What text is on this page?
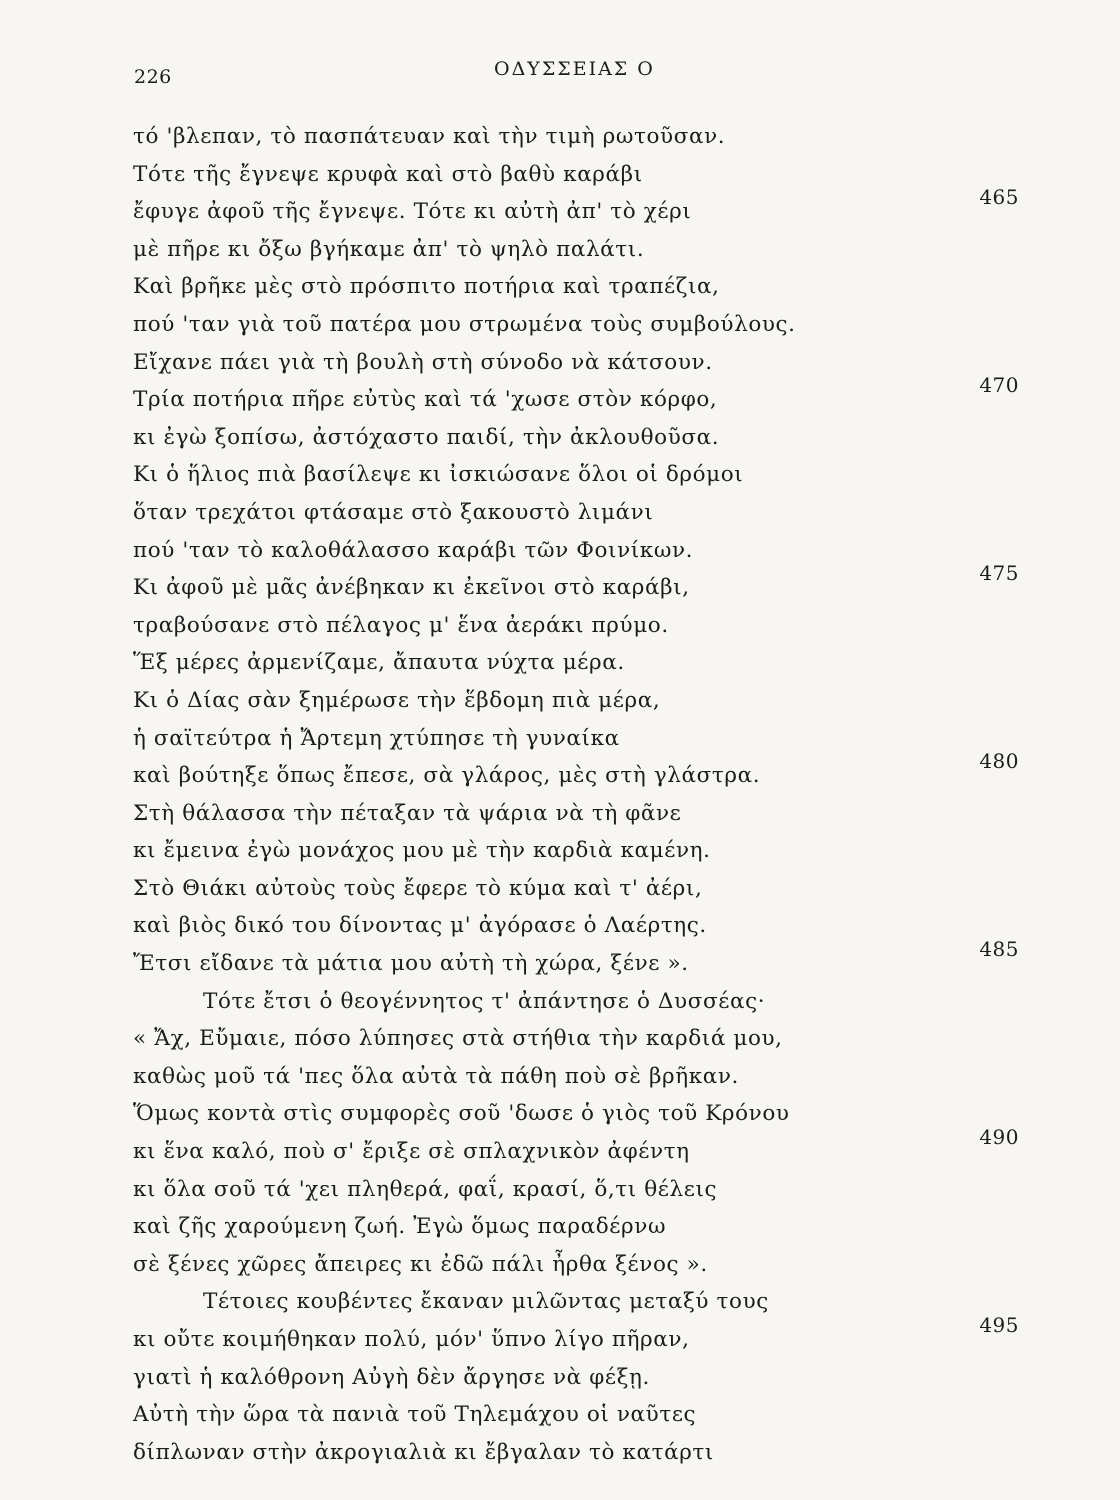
226	ΟΔΥΣΣΕΙΑΣ Ο
τό 'βλεπαν, τὸ πασπάτευαν καὶ τὴν τιμὴ ρωτοῦσαν.
Τότε τῆς ἔγνεψε κρυφὰ καὶ στὸ βαθὺ καράβι
ἔφυγε ἀφοῦ τῆς ἔγνεψε. Τότε κι αὐτὴ ἀπ' τὸ χέρι
465
μὲ πῆρε κι ὄξω βγήκαμε ἀπ' τὸ ψηλὸ παλάτι.
Καὶ βρῆκε μὲς στὸ πρόσπιτο ποτήρια καὶ τραπέζια,
πού 'ταν γιὰ τοῦ πατέρα μου στρωμένα τοὺς συμβούλους.
Εἴχανε πάει γιὰ τὴ βουλὴ στὴ σύνοδο νὰ κάτσουν.
Τρία ποτήρια πῆρε εὐτὺς καὶ τά 'χωσε στὸν κόρφο,
470
κι ἐγὼ ξοπίσω, ἀστόχαστο παιδί, τὴν ἀκλουθοῦσα.
Κι ὁ ἥλιος πιὰ βασίλεψε κι ἰσκιώσανε ὅλοι οἱ δρόμοι
ὅταν τρεχάτοι φτάσαμε στὸ ξακουστὸ λιμάνι
πού 'ταν τὸ καλοθάλασσο καράβι τῶν Φοινίκων.
Κι ἀφοῦ μὲ μᾶς ἀνέβηκαν κι ἐκεῖνοι στὸ καράβι,
475
τραβούσανε στὸ πέλαγος μ' ἕνα ἀεράκι πρύμο.
Ἕξ μέρες ἀρμενίζαμε, ἄπαυτα νύχτα μέρα.
Κι ὁ Δίας σὰν ξημέρωσε τὴν ἕβδομη πιὰ μέρα,
ἡ σαϊτεύτρα ἡ Ἄρτεμη χτύπησε τὴ γυναίκα
καὶ βούτηξε ὅπως ἔπεσε, σὰ γλάρος, μὲς στὴ γλάστρα.
480
Στὴ θάλασσα τὴν πέταξαν τὰ ψάρια νὰ τὴ φᾶνε
κι ἔμεινα ἐγὼ μονάχος μου μὲ τὴν καρδιὰ καμένη.
Στὸ Θιάκι αὐτοὺς τοὺς ἔφερε τὸ κύμα καὶ τ' ἀέρι,
καὶ βιὸς δικό του δίνοντας μ' ἀγόρασε ὁ Λαέρτης.
Ἔτσι εἴδανε τὰ μάτια μου αὐτὴ τὴ χώρα, ξένε ».
485
Τότε ἔτσι ὁ θεογέννητος τ' ἀπάντησε ὁ Δυσσέας·
« Ἄχ, Εὔμαιε, πόσο λύπησες στὰ στήθια τὴν καρδιά μου,
καθὼς μοῦ τά 'πες ὅλα αὐτὰ τὰ πάθη ποὺ σὲ βρῆκαν.
Ὅμως κοντὰ στὶς συμφορὲς σοῦ 'δωσε ὁ γιὸς τοῦ Κρόνου
κι ἕνα καλό, ποὺ σ' ἔριξε σὲ σπλαχνικὸν ἀφέντη
490
κι ὅλα σοῦ τά 'χει πληθερά, φαΐ, κρασί, ὅ,τι θέλεις
καὶ ζῆς χαρούμενη ζωή. Ἐγὼ ὅμως παραδέρνω
σὲ ξένες χῶρες ἄπειρες κι ἐδῶ πάλι ἦρθα ξένος ».
Τέτοιες κουβέντες ἔκαναν μιλῶντας μεταξύ τους
κι οὔτε κοιμήθηκαν πολύ, μόν' ὕπνο λίγο πῆραν,
495
γιατὶ ἡ καλόθρονη Αὐγὴ δὲν ἄργησε νὰ φέξῃ.
Αὐτὴ τὴν ὥρα τὰ πανιὰ τοῦ Τηλεμάχου οἱ ναῦτες
δίπλωναν στὴν ἀκρογιαλιὰ κι ἔβγαλαν τὸ κατάρτι
